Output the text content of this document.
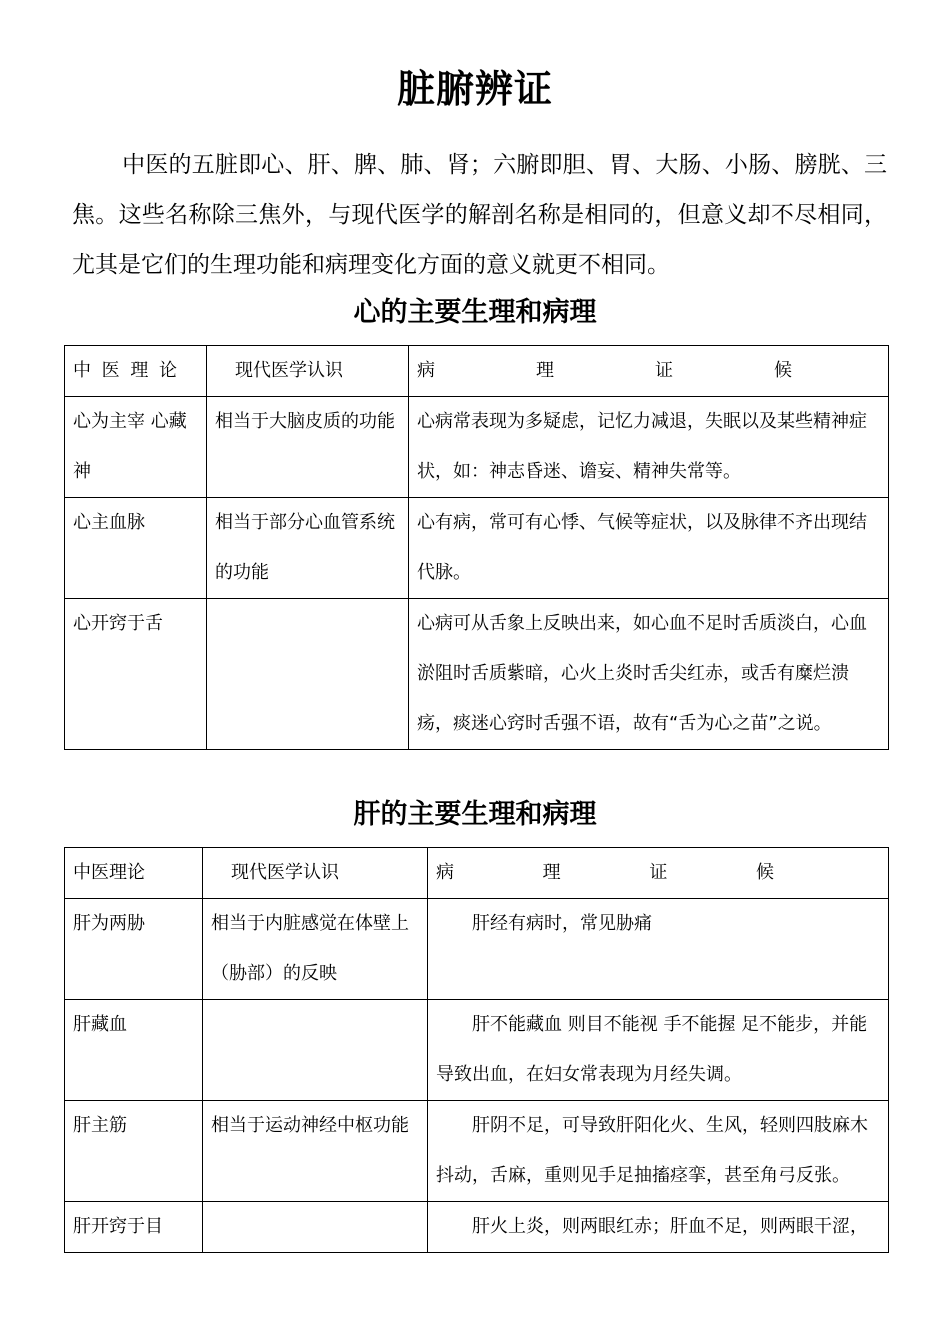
脏腑辨证
中医的五脏即心、肝、脾、肺、肾；六腑即胆、胃、大肠、小肠、膀胱、三焦。这些名称除三焦外，与现代医学的解剖名称是相同的，但意义却不尽相同，尤其是它们的生理功能和病理变化方面的意义就更不相同。
心的主要生理和病理
中 医 理 论	现代医学认识	病 理 证 候

心为主宰 心藏神	相当于大脑皮质的功能	心病常表现为多疑虑，记忆力减退，失眠以及某些精神症状，如：神志昏迷、谵妄、精神失常等。
心主血脉	相当于部分心血管系统的功能	心有病，常可有心悸、气候等症状，以及脉律不齐出现结代脉。
心开窍于舌		心病可从舌象上反映出来，如心血不足时舌质淡白，心血淤阻时舌质紫暗，心火上炎时舌尖红赤，或舌有糜烂溃疡，痰迷心窍时舌强不语，故有“舌为心之苗”之说。
肝的主要生理和病理
中医理论	现代医学认识	病 理 证 候

肝为两胁	相当于内脏感觉在体壁上（胁部）的反映	肝经有病时，常见胁痛
肝藏血		肝不能藏血 则目不能视 手不能握 足不能步，并能导致出血，在妇女常表现为月经失调。
肝主筋	相当于运动神经中枢功能	肝阴不足，可导致肝阳化火、生风，轻则四肢麻木抖动，舌麻，重则见手足抽搐痉挛，甚至角弓反张。
肝开窍于目		肝火上炎，则两眼红赤；肝血不足，则两眼干涩，
